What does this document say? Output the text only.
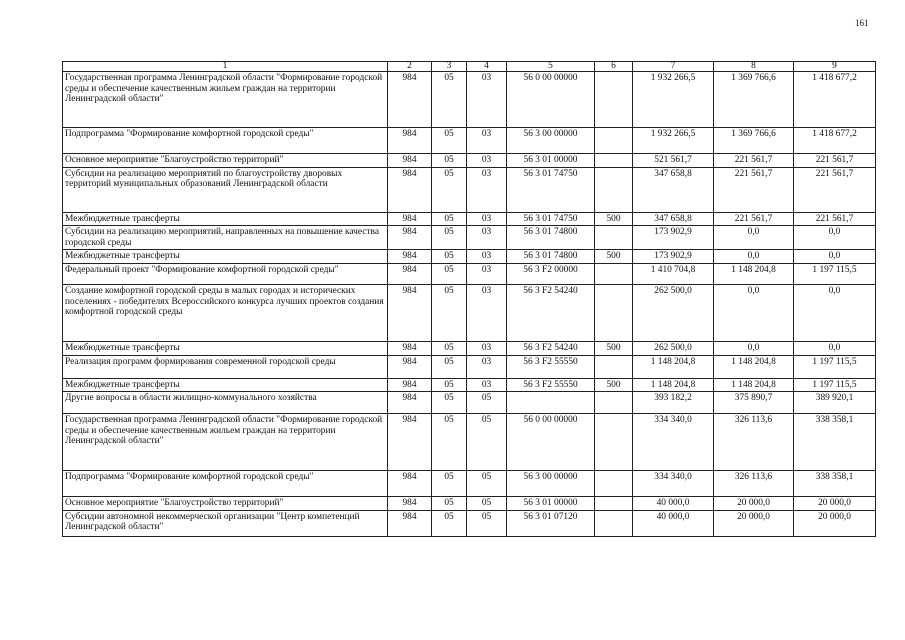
161
1	2	3	4	5	6	7	8	9
Государственная программа Ленинградской области "Формирование городской среды и обеспечение качественным жильем граждан на территории Ленинградской области"	984	05	03	56 0 00 00000		1 932 266,5	1 369 766,6	1 418 677,2
Подпрограмма "Формирование комфортной городской среды"	984	05	03	56 3 00 00000		1 932 266,5	1 369 766,6	1 418 677,2
Основное мероприятие "Благоустройство территорий"	984	05	03	56 3 01 00000		521 561,7	221 561,7	221 561,7
Субсидии на реализацию мероприятий по благоустройству дворовых территорий муниципальных образований Ленинградской области	984	05	03	56 3 01 74750		347 658,8	221 561,7	221 561,7
Межбюджетные трансферты	984	05	03	56 3 01 74750	500	347 658,8	221 561,7	221 561,7
Субсидии на реализацию мероприятий, направленных на повышение качества городской среды	984	05	03	56 3 01 74800		173 902,9	0,0	0,0
Межбюджетные трансферты	984	05	03	56 3 01 74800	500	173 902,9	0,0	0,0
Федеральный проект "Формирование комфортной городской среды"	984	05	03	56 3 F2 00000		1 410 704,8	1 148 204,8	1 197 115,5
Создание комфортной городской среды в малых городах и исторических поселениях - победителях Всероссийского конкурса лучших проектов создания комфортной городской среды	984	05	03	56 3 F2 54240		262 500,0	0,0	0,0
Межбюджетные трансферты	984	05	03	56 3 F2 54240	500	262 500,0	0,0	0,0
Реализация программ формирования современной городской среды	984	05	03	56 3 F2 55550		1 148 204,8	1 148 204,8	1 197 115,5
Межбюджетные трансферты	984	05	03	56 3 F2 55550	500	1 148 204,8	1 148 204,8	1 197 115,5
Другие вопросы в области жилищно-коммунального хозяйства	984	05	05			393 182,2	375 890,7	389 920,1
Государственная программа Ленинградской области "Формирование городской среды и обеспечение качественным жильем граждан на территории Ленинградской области"	984	05	05	56 0 00 00000		334 340,0	326 113,6	338 358,1
Подпрограмма "Формирование комфортной городской среды"	984	05	05	56 3 00 00000		334 340,0	326 113,6	338 358,1
Основное мероприятие "Благоустройство территорий"	984	05	05	56 3 01 00000		40 000,0	20 000,0	20 000,0
Субсидии автономной некоммерческой организации "Центр компетенций Ленинградской области"	984	05	05	56 3 01 07120		40 000,0	20 000,0	20 000,0
